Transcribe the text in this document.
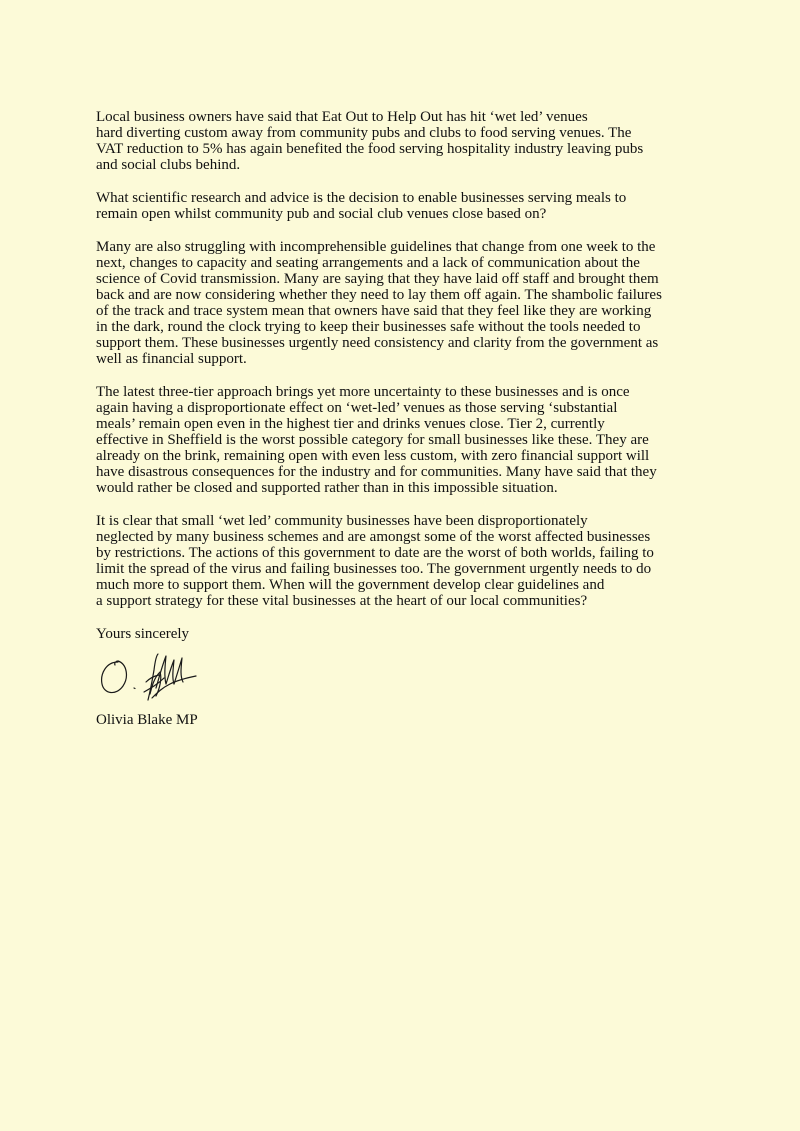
Local business owners have said that Eat Out to Help Out has hit ‘wet led’ venues
hard diverting custom away from community pubs and clubs to food serving venues. The
VAT reduction to 5% has again benefited the food serving hospitality industry leaving pubs
and social clubs behind.

What scientific research and advice is the decision to enable businesses serving meals to
remain open whilst community pub and social club venues close based on?

Many are also struggling with incomprehensible guidelines that change from one week to the
next, changes to capacity and seating arrangements and a lack of communication about the
science of Covid transmission. Many are saying that they have laid off staff and brought them
back and are now considering whether they need to lay them off again. The shambolic failures
of the track and trace system mean that owners have said that they feel like they are working
in the dark, round the clock trying to keep their businesses safe without the tools needed to
support them. These businesses urgently need consistency and clarity from the government as
well as financial support.

The latest three-tier approach brings yet more uncertainty to these businesses and is once
again having a disproportionate effect on ‘wet-led’ venues as those serving ‘substantial
meals’ remain open even in the highest tier and drinks venues close. Tier 2, currently
effective in Sheffield is the worst possible category for small businesses like these. They are
already on the brink, remaining open with even less custom, with zero financial support will
have disastrous consequences for the industry and for communities. Many have said that they
would rather be closed and supported rather than in this impossible situation.

It is clear that small ‘wet led’ community businesses have been disproportionately
neglected by many business schemes and are amongst some of the worst affected businesses
by restrictions. The actions of this government to date are the worst of both worlds, failing to
limit the spread of the virus and failing businesses too. The government urgently needs to do
much more to support them. When will the government develop clear guidelines and
a support strategy for these vital businesses at the heart of our local communities?

Yours sincerely

Olivia Blake MP
